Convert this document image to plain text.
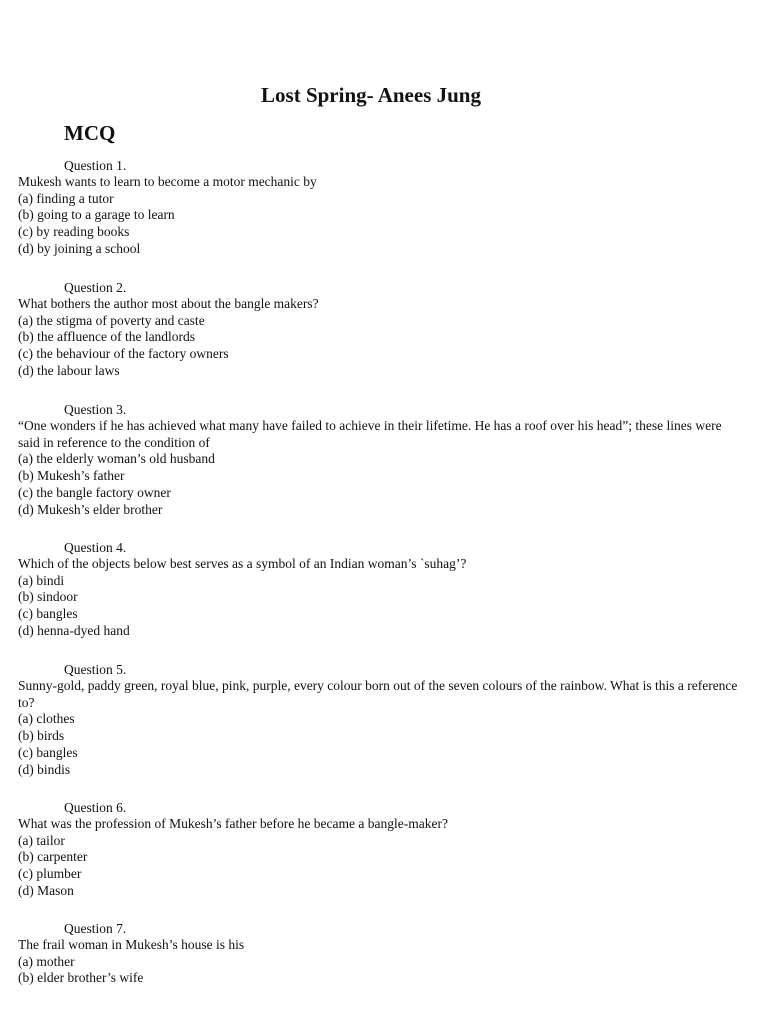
Lost Spring- Anees Jung
MCQ
Question 1.
Mukesh wants to learn to become a motor mechanic by
(a) finding a tutor
(b) going to a garage to learn
(c) by reading books
(d) by joining a school
Question 2.
What bothers the author most about the bangle makers?
(a) the stigma of poverty and caste
(b) the affluence of the landlords
(c) the behaviour of the factory owners
(d) the labour laws
Question 3.
“One wonders if he has achieved what many have failed to achieve in their lifetime. He has a roof over his head”; these lines were said in reference to the condition of
(a) the elderly woman’s old husband
(b) Mukesh’s father
(c) the bangle factory owner
(d) Mukesh’s elder brother
Question 4.
Which of the objects below best serves as a symbol of an Indian woman’s `suhag’?
(a) bindi
(b) sindoor
(c) bangles
(d) henna-dyed hand
Question 5.
Sunny-gold, paddy green, royal blue, pink, purple, every colour born out of the seven colours of the rainbow. What is this a reference to?
(a) clothes
(b) birds
(c) bangles
(d) bindis
Question 6.
What was the profession of Mukesh’s father before he became a bangle-maker?
(a) tailor
(b) carpenter
(c) plumber
(d) Mason
Question 7.
The frail woman in Mukesh’s house is his
(a) mother
(b) elder brother’s wife
